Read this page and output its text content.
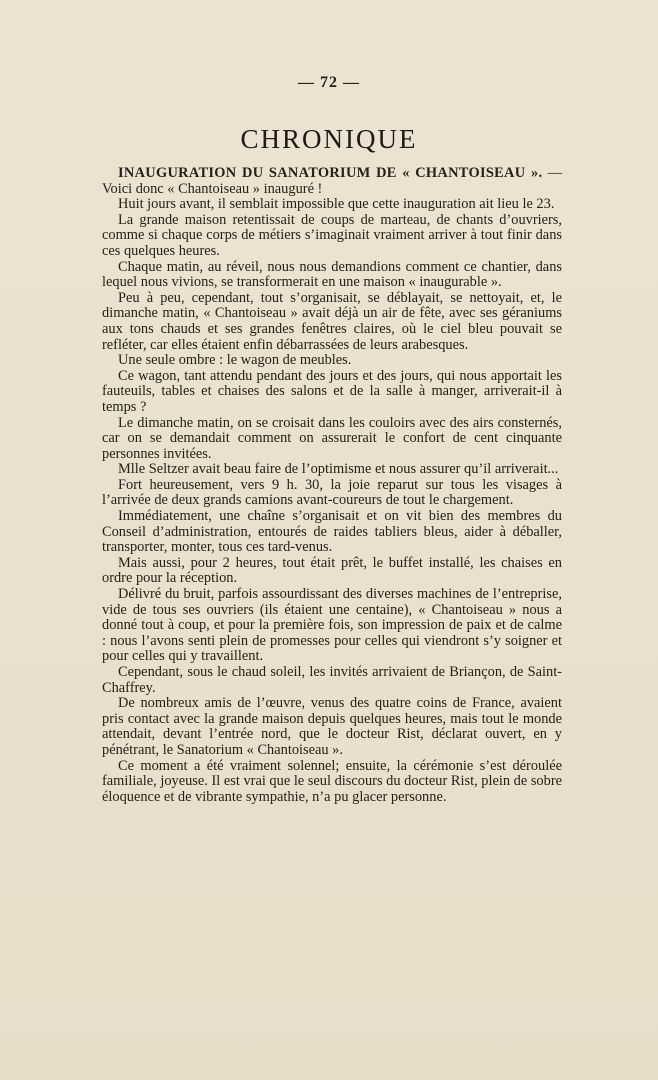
— 72 —
CHRONIQUE

INAUGURATION DU SANATORIUM DE « CHANTOISEAU ». — Voici donc « Chantoiseau » inauguré !

Huit jours avant, il semblait impossible que cette inauguration ait lieu le 23.

La grande maison retentissait de coups de marteau, de chants d’ouvriers, comme si chaque corps de métiers s’imaginait vraiment arriver à tout finir dans ces quelques heures.

Chaque matin, au réveil, nous nous demandions comment ce chantier, dans lequel nous vivions, se transformerait en une maison « inaugurable ».

Peu à peu, cependant, tout s’organisait, se déblayait, se nettoyait, et, le dimanche matin, « Chantoiseau » avait déjà un air de fête, avec ses géraniums aux tons chauds et ses grandes fenêtres claires, où le ciel bleu pouvait se refléter, car elles étaient enfin débarrassées de leurs arabesques.

Une seule ombre : le wagon de meubles.

Ce wagon, tant attendu pendant des jours et des jours, qui nous apportait les fauteuils, tables et chaises des salons et de la salle à manger, arriverait-il à temps ?

Le dimanche matin, on se croisait dans les couloirs avec des airs consternés, car on se demandait comment on assurerait le confort de cent cinquante personnes invitées.

Mlle Seltzer avait beau faire de l’optimisme et nous assurer qu’il arriverait...

Fort heureusement, vers 9 h. 30, la joie reparut sur tous les visages à l’arrivée de deux grands camions avant-coureurs de tout le chargement.

Immédiatement, une chaîne s’organisait et on vit bien des membres du Conseil d’administration, entourés de raides tabliers bleus, aider à déballer, transporter, monter, tous ces tard-venus.

Mais aussi, pour 2 heures, tout était prêt, le buffet installé, les chaises en ordre pour la réception.

Délivré du bruit, parfois assourdissant des diverses machines de l’entreprise, vide de tous ses ouvriers (ils étaient une centaine), « Chantoiseau » nous a donné tout à coup, et pour la première fois, son impression de paix et de calme : nous l’avons senti plein de promesses pour celles qui viendront s’y soigner et pour celles qui y travaillent.

Cependant, sous le chaud soleil, les invités arrivaient de Briançon, de Saint-Chaffrey.

De nombreux amis de l’œuvre, venus des quatre coins de France, avaient pris contact avec la grande maison depuis quelques heures, mais tout le monde attendait, devant l’entrée nord, que le docteur Rist, déclarat ouvert, en y pénétrant, le Sanatorium « Chantoiseau ».

Ce moment a été vraiment solennel; ensuite, la cérémonie s’est déroulée familiale, joyeuse. Il est vrai que le seul discours du docteur Rist, plein de sobre éloquence et de vibrante sympathie, n’a pu glacer personne.
